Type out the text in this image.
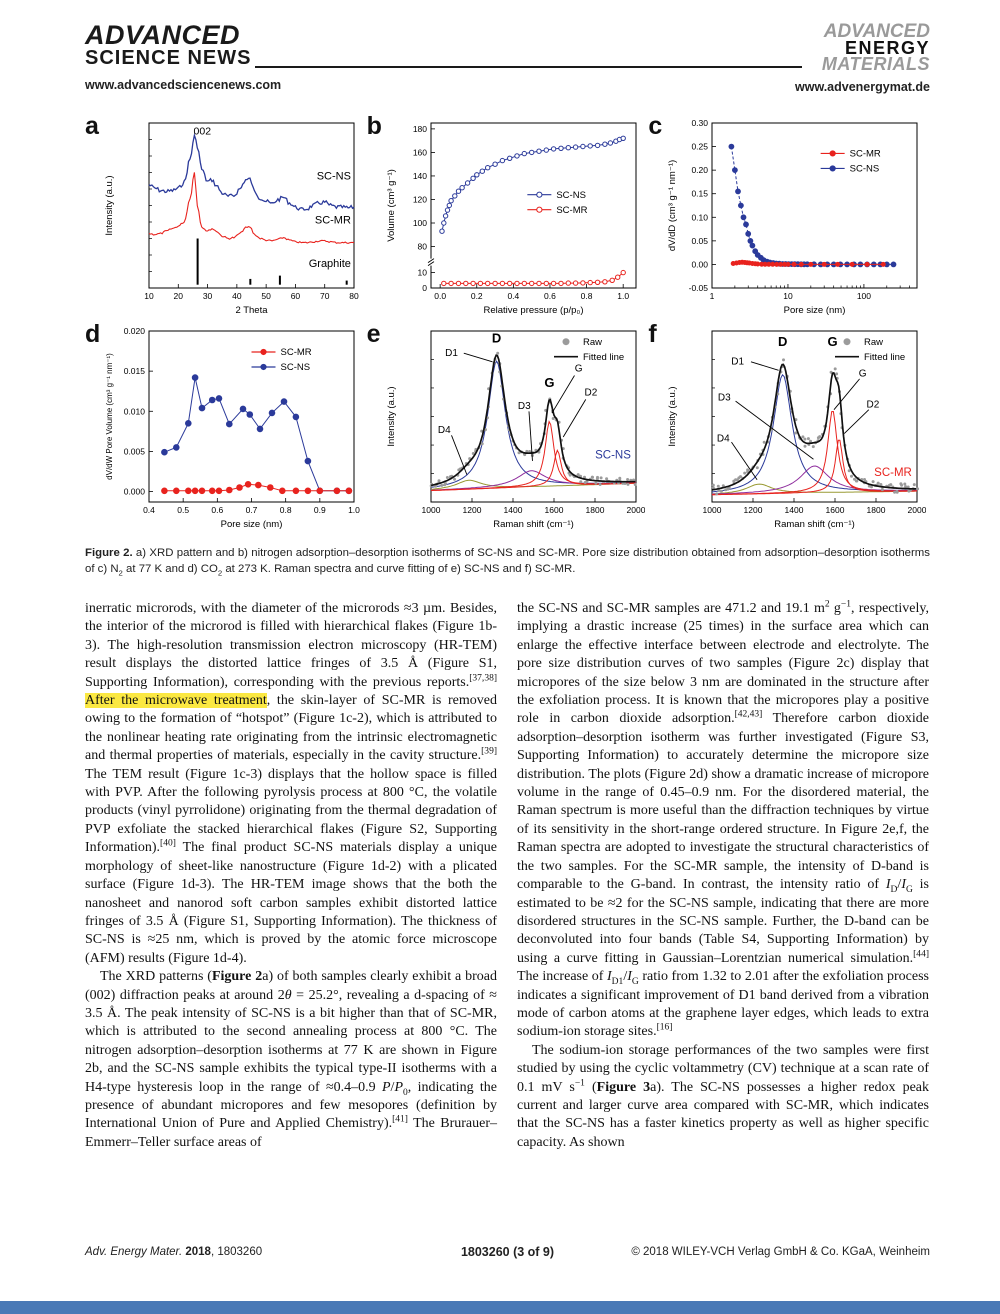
ADVANCED
SCIENCE NEWS
ADVANCED
ENERGY
MATERIALS
www.advancedsciencenews.com	www.advenergymat.de
a
10 20 30 40 50 60 70 80
2 Theta
Intensity (a.u.)
002
SC-NS
SC-MR
Graphite
b
0.0	0.2	0.4	0.6	0.8	1.0
0
10
80
100
120
140
160
180
Relative pressure (p/p₀)
Volume (cm³ g⁻¹)	SC-NS
SC-MR
c
1	10	100
-0.05
0.00
0.05
0.10
0.15
0.20
0.25
0.30
Pore size (nm)
dV/dD (cm³ g⁻¹ nm⁻¹)
SC-MR
SC-NS
d
0.4	0.5	0.6	0.7	0.8	0.9	1.0
0.000
0.005
0.010
0.015
0.020
Pore size (nm)
dV/dW Pore Volume (cm³ g⁻¹ nm⁻¹)
SC-MR
SC-NS
e
1000	1200	1400	1600	1800	2000
Raman shift (cm⁻¹)
Intensity (a.u.)
D
D1
G
G
D2
D3
D4
SC-NS
Raw
Fitted line
f
1000	1200	1400	1600	1800	2000
Raman shift (cm⁻¹)
Intensity (a.u.)
D	G
D1
G
D2
D3
D4
SC-MR
Raw
Fitted line
Figure 2. a) XRD pattern and b) nitrogen adsorption–desorption isotherms of SC-NS and SC-MR. Pore size distribution obtained from adsorption–desorption isotherms of c) $N_2$ at 77 K and d) $CO_2$ at 273 K. Raman spectra and curve fitting of e) SC-NS and f) SC-MR.

inerratic microrods, with the diameter of the microrods ≈3 µm. Besides, the interior of the microrod is filled with hierarchical flakes (Figure 1b-3). The high-resolution transmission electron microscopy (HR-TEM) result displays the distorted lattice fringes of 3.5 Å (Figure S1, Supporting Information), corresponding with the previous reports.[37,38] After the microwave treatment, the skin-layer of SC-MR is removed owing to the formation of “hotspot” (Figure 1c-2), which is attributed to the nonlinear heating rate originating from the intrinsic electromagnetic and thermal properties of materials, especially in the cavity structure.[39] The TEM result (Figure 1c-3) displays that the hollow space is filled with PVP. After the following pyrolysis process at 800 °C, the volatile products (vinyl pyrrolidone) originating from the thermal degradation of PVP exfoliate the stacked hierarchical flakes (Figure S2, Supporting Information).[40] The final product SC-NS materials display a unique morphology of sheet-like nanostructure (Figure 1d-2) with a plicated surface (Figure 1d-3). The HR-TEM image shows that the both the nanosheet and nanorod soft carbon samples exhibit distorted lattice fringes of 3.5 Å (Figure S1, Supporting Information). The thickness of SC-NS is ≈25 nm, which is proved by the atomic force microscope (AFM) results (Figure 1d-4).

The XRD patterns (Figure 2a) of both samples clearly exhibit a broad (002) diffraction peaks at around 2θ = 25.2°, revealing a d-spacing of ≈ 3.5 Å. The peak intensity of SC-NS is a bit higher than that of SC-MR, which is attributed to the second annealing process at 800 °C. The nitrogen adsorption–desorption isotherms at 77 K are shown in Figure 2b, and the SC-NS sample exhibits the typical type-II isotherms with a H4-type hysteresis loop in the range of ≈0.4–0.9 $P/P_0$, indicating the presence of abundant micropores and few mesopores (definition by International Union of Pure and Applied Chemistry).[41] The Brurauer–Emmerr–Teller surface areas of

the SC-NS and SC-MR samples are 471.2 and 19.1 $m^2$ $g^{-1}$, respectively, implying a drastic increase (25 times) in the surface area which can enlarge the effective interface between electrode and electrolyte. The pore size distribution curves of two samples (Figure 2c) display that micropores of the size below 3 nm are dominated in the structure after the exfoliation process. It is known that the micropores play a positive role in carbon dioxide adsorption.[42,43] Therefore carbon dioxide adsorption–desorption isotherm was further investigated (Figure S3, Supporting Information) to accurately determine the micropore size distribution. The plots (Figure 2d) show a dramatic increase of micropore volume in the range of 0.45–0.9 nm. For the disordered material, the Raman spectrum is more useful than the diffraction techniques by virtue of its sensitivity in the short-range ordered structure. In Figure 2e,f, the Raman spectra are adopted to investigate the structural characteristics of the two samples. For the SC-MR sample, the intensity of D-band is comparable to the G-band. In contrast, the intensity ratio of $I_D/I_G$ is estimated to be ≈2 for the SC-NS sample, indicating that there are more disordered structures in the SC-NS sample. Further, the D-band can be deconvoluted into four bands (Table S4, Supporting Information) by using a curve fitting in Gaussian–Lorentzian numerical simulation.[44] The increase of $I_{D1}/I_G$ ratio from 1.32 to 2.01 after the exfoliation process indicates a significant improvement of D1 band derived from a vibration mode of carbon atoms at the graphene layer edges, which leads to extra sodium-ion storage sites.[16]

The sodium-ion storage performances of the two samples were first studied by using the cyclic voltammetry (CV) technique at a scan rate of 0.1 mV $s^{-1}$ (Figure 3a). The SC-NS possesses a higher redox peak current and larger curve area compared with SC-MR, which indicates that the SC-NS has a faster kinetics property as well as higher specific capacity. As shown

Adv. Energy Mater. 2018, 1803260	1803260 (3 of 9)	© 2018 WILEY-VCH Verlag GmbH & Co. KGaA, Weinheim
